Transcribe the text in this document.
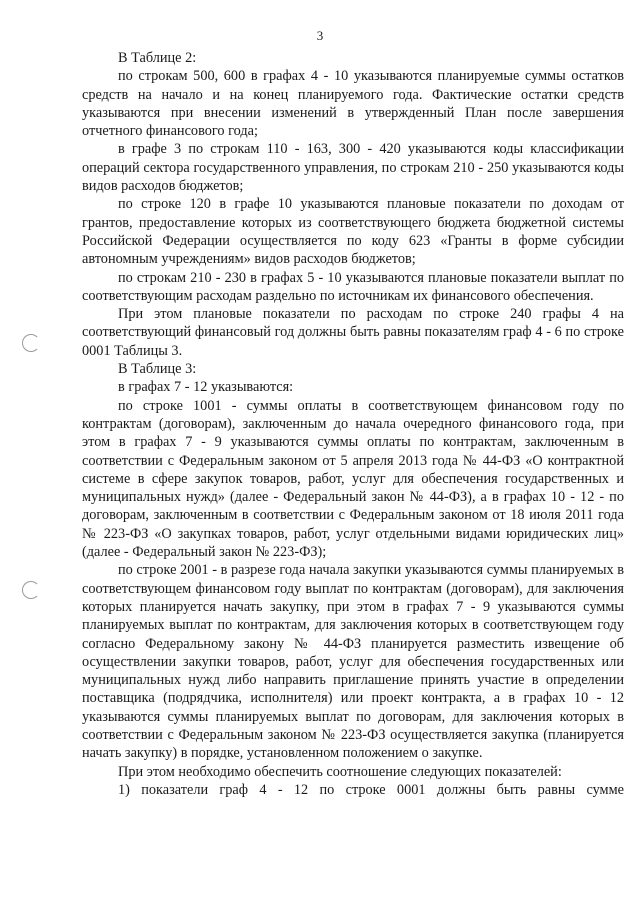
3

В Таблице 2:

по строкам 500, 600 в графах 4 - 10 указываются планируемые суммы остатков средств на начало и на конец планируемого года. Фактические остатки средств указываются при внесении изменений в утвержденный План после завершения отчетного финансового года;

в графе 3 по строкам 110 - 163, 300 - 420 указываются коды классификации операций сектора государственного управления, по строкам 210 - 250 указываются коды видов расходов бюджетов;

по строке 120 в графе 10 указываются плановые показатели по доходам от грантов, предоставление которых из соответствующего бюджета бюджетной системы Российской Федерации осуществляется по коду 623 «Гранты в форме субсидии автономным учреждениям» видов расходов бюджетов;

по строкам 210 - 230 в графах 5 - 10 указываются плановые показатели выплат по соответствующим расходам раздельно по источникам их финансового обеспечения.

При этом плановые показатели по расходам по строке 240 графы 4 на соответствующий финансовый год должны быть равны показателям граф 4 - 6 по строке 0001 Таблицы 3.

В Таблице 3:

в графах 7 - 12 указываются:

по строке 1001 - суммы оплаты в соответствующем финансовом году по контрактам (договорам), заключенным до начала очередного финансового года, при этом в графах 7 - 9 указываются суммы оплаты по контрактам, заключенным в соответствии с Федеральным законом от 5 апреля 2013 года № 44-ФЗ «О контрактной системе в сфере закупок товаров, работ, услуг для обеспечения государственных и муниципальных нужд» (далее - Федеральный закон № 44-ФЗ), а в графах 10 - 12 - по договорам, заключенным в соответствии с Федеральным законом от 18 июля 2011 года № 223-ФЗ «О закупках товаров, работ, услуг отдельными видами юридических лиц» (далее - Федеральный закон № 223-ФЗ);

по строке 2001 - в разрезе года начала закупки указываются суммы планируемых в соответствующем финансовом году выплат по контрактам (договорам), для заключения которых планируется начать закупку, при этом в графах 7 - 9 указываются суммы планируемых выплат по контрактам, для заключения которых в соответствующем году согласно Федеральному закону № 44-ФЗ планируется разместить извещение об осуществлении закупки товаров, работ, услуг для обеспечения государственных или муниципальных нужд либо направить приглашение принять участие в определении поставщика (подрядчика, исполнителя) или проект контракта, а в графах 10 - 12 указываются суммы планируемых выплат по договорам, для заключения которых в соответствии с Федеральным законом № 223-ФЗ осуществляется закупка (планируется начать закупку) в порядке, установленном положением о закупке.

При этом необходимо обеспечить соотношение следующих показателей:

1) показатели граф 4 - 12 по строке 0001 должны быть равны сумме
